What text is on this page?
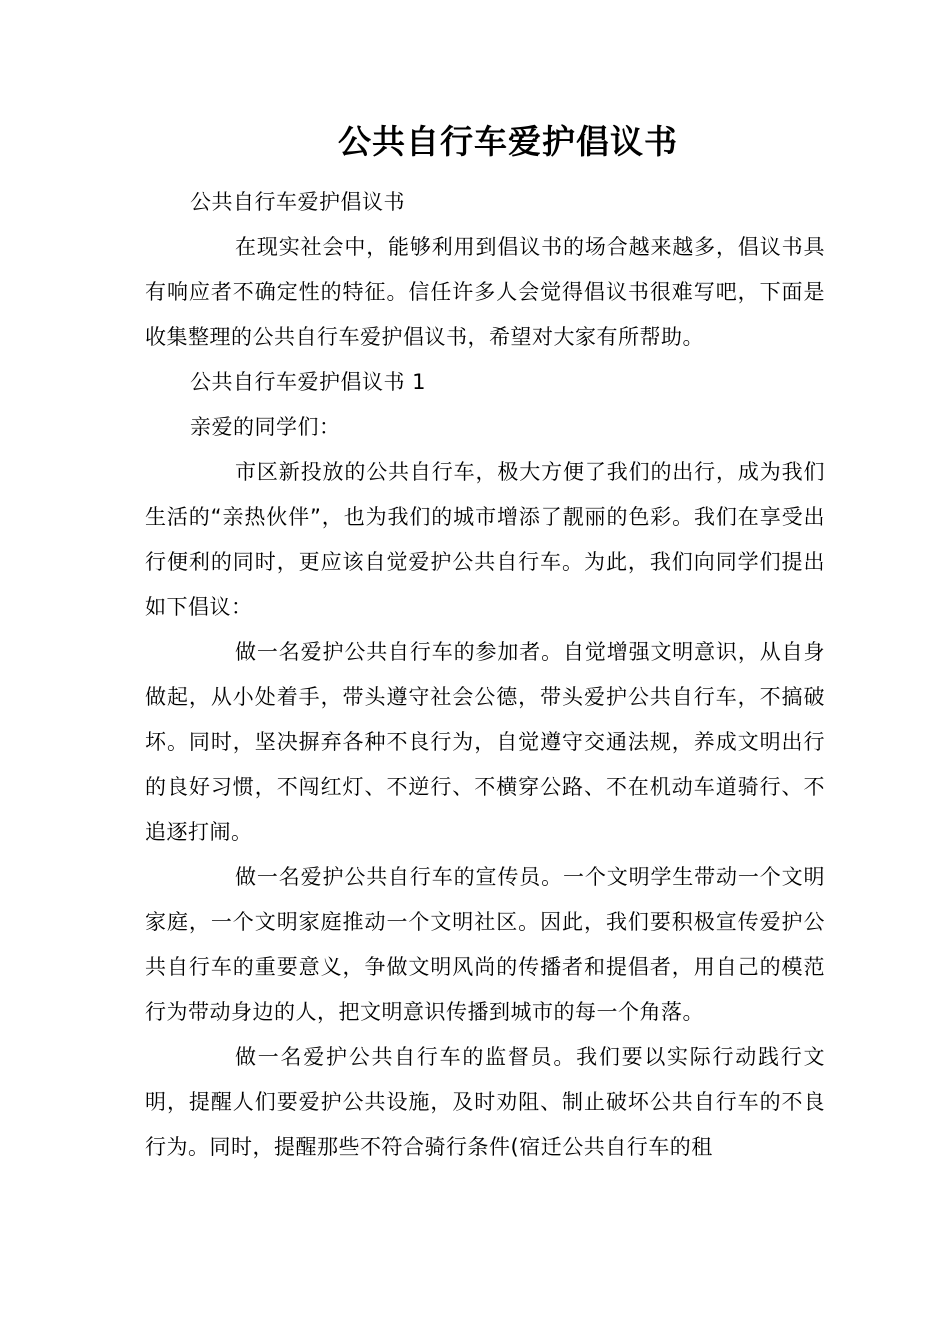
公共自行车爱护倡议书

公共自行车爱护倡议书

在现实社会中，能够利用到倡议书的场合越来越多，倡议书具有响应者不确定性的特征。信任许多人会觉得倡议书很难写吧，下面是收集整理的公共自行车爱护倡议书，希望对大家有所帮助。

公共自行车爱护倡议书 1

亲爱的同学们：

市区新投放的公共自行车，极大方便了我们的出行，成为我们生活的“亲热伙伴”，也为我们的城市增添了靓丽的色彩。我们在享受出行便利的同时，更应该自觉爱护公共自行车。为此，我们向同学们提出如下倡议：

做一名爱护公共自行车的参加者。自觉增强文明意识，从自身做起，从小处着手，带头遵守社会公德，带头爱护公共自行车，不搞破坏。同时，坚决摒弃各种不良行为，自觉遵守交通法规，养成文明出行的良好习惯，不闯红灯、不逆行、不横穿公路、不在机动车道骑行、不追逐打闹。

做一名爱护公共自行车的宣传员。一个文明学生带动一个文明家庭，一个文明家庭推动一个文明社区。因此，我们要积极宣传爱护公共自行车的重要意义，争做文明风尚的传播者和提倡者，用自己的模范行为带动身边的人，把文明意识传播到城市的每一个角落。

做一名爱护公共自行车的监督员。我们要以实际行动践行文明，提醒人们要爱护公共设施，及时劝阻、制止破坏公共自行车的不良行为。同时，提醒那些不符合骑行条件(宿迁公共自行车的租
